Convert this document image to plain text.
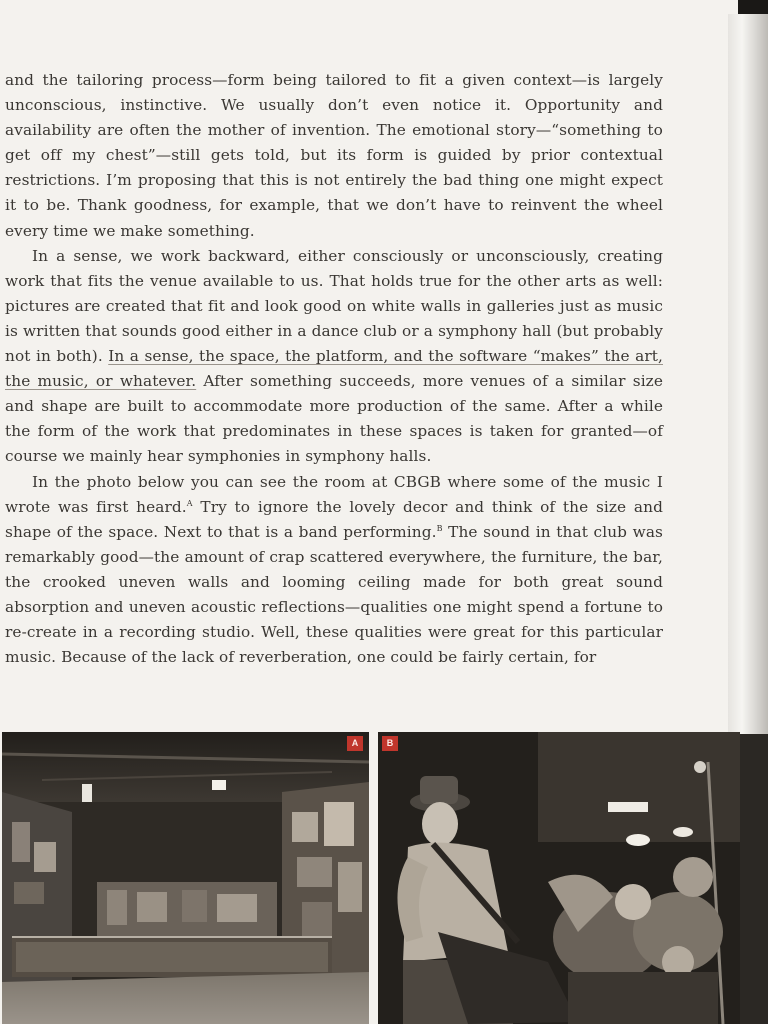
and the tailoring process—form being tailored to fit a given context—is largely unconscious, instinctive. We usually don’t even notice it. Opportunity and availability are often the mother of invention. The emotional story—“something to get off my chest”—still gets told, but its form is guided by prior contextual restrictions. I’m proposing that this is not entirely the bad thing one might expect it to be. Thank goodness, for example, that we don’t have to reinvent the wheel every time we make something.

In a sense, we work backward, either consciously or unconsciously, creating work that fits the venue available to us. That holds true for the other arts as well: pictures are created that fit and look good on white walls in galleries just as music is written that sounds good either in a dance club or a symphony hall (but probably not in both). In a sense, the space, the platform, and the software “makes” the art, the music, or whatever. After something succeeds, more venues of a similar size and shape are built to accommodate more production of the same. After a while the form of the work that predominates in these spaces is taken for granted—of course we mainly hear symphonies in symphony halls.

In the photo below you can see the room at CBGB where some of the music I wrote was first heard.$^A$ Try to ignore the lovely decor and think of the size and shape of the space. Next to that is a band performing.$^B$ The sound in that club was remarkably good—the amount of crap scattered everywhere, the furniture, the bar, the crooked uneven walls and looming ceiling made for both great sound absorption and uneven acoustic reflections—qualities one might spend a fortune to re-create in a recording studio. Well, these qualities were great for this particular music. Because of the lack of reverberation, one could be fairly certain, for

A	B
